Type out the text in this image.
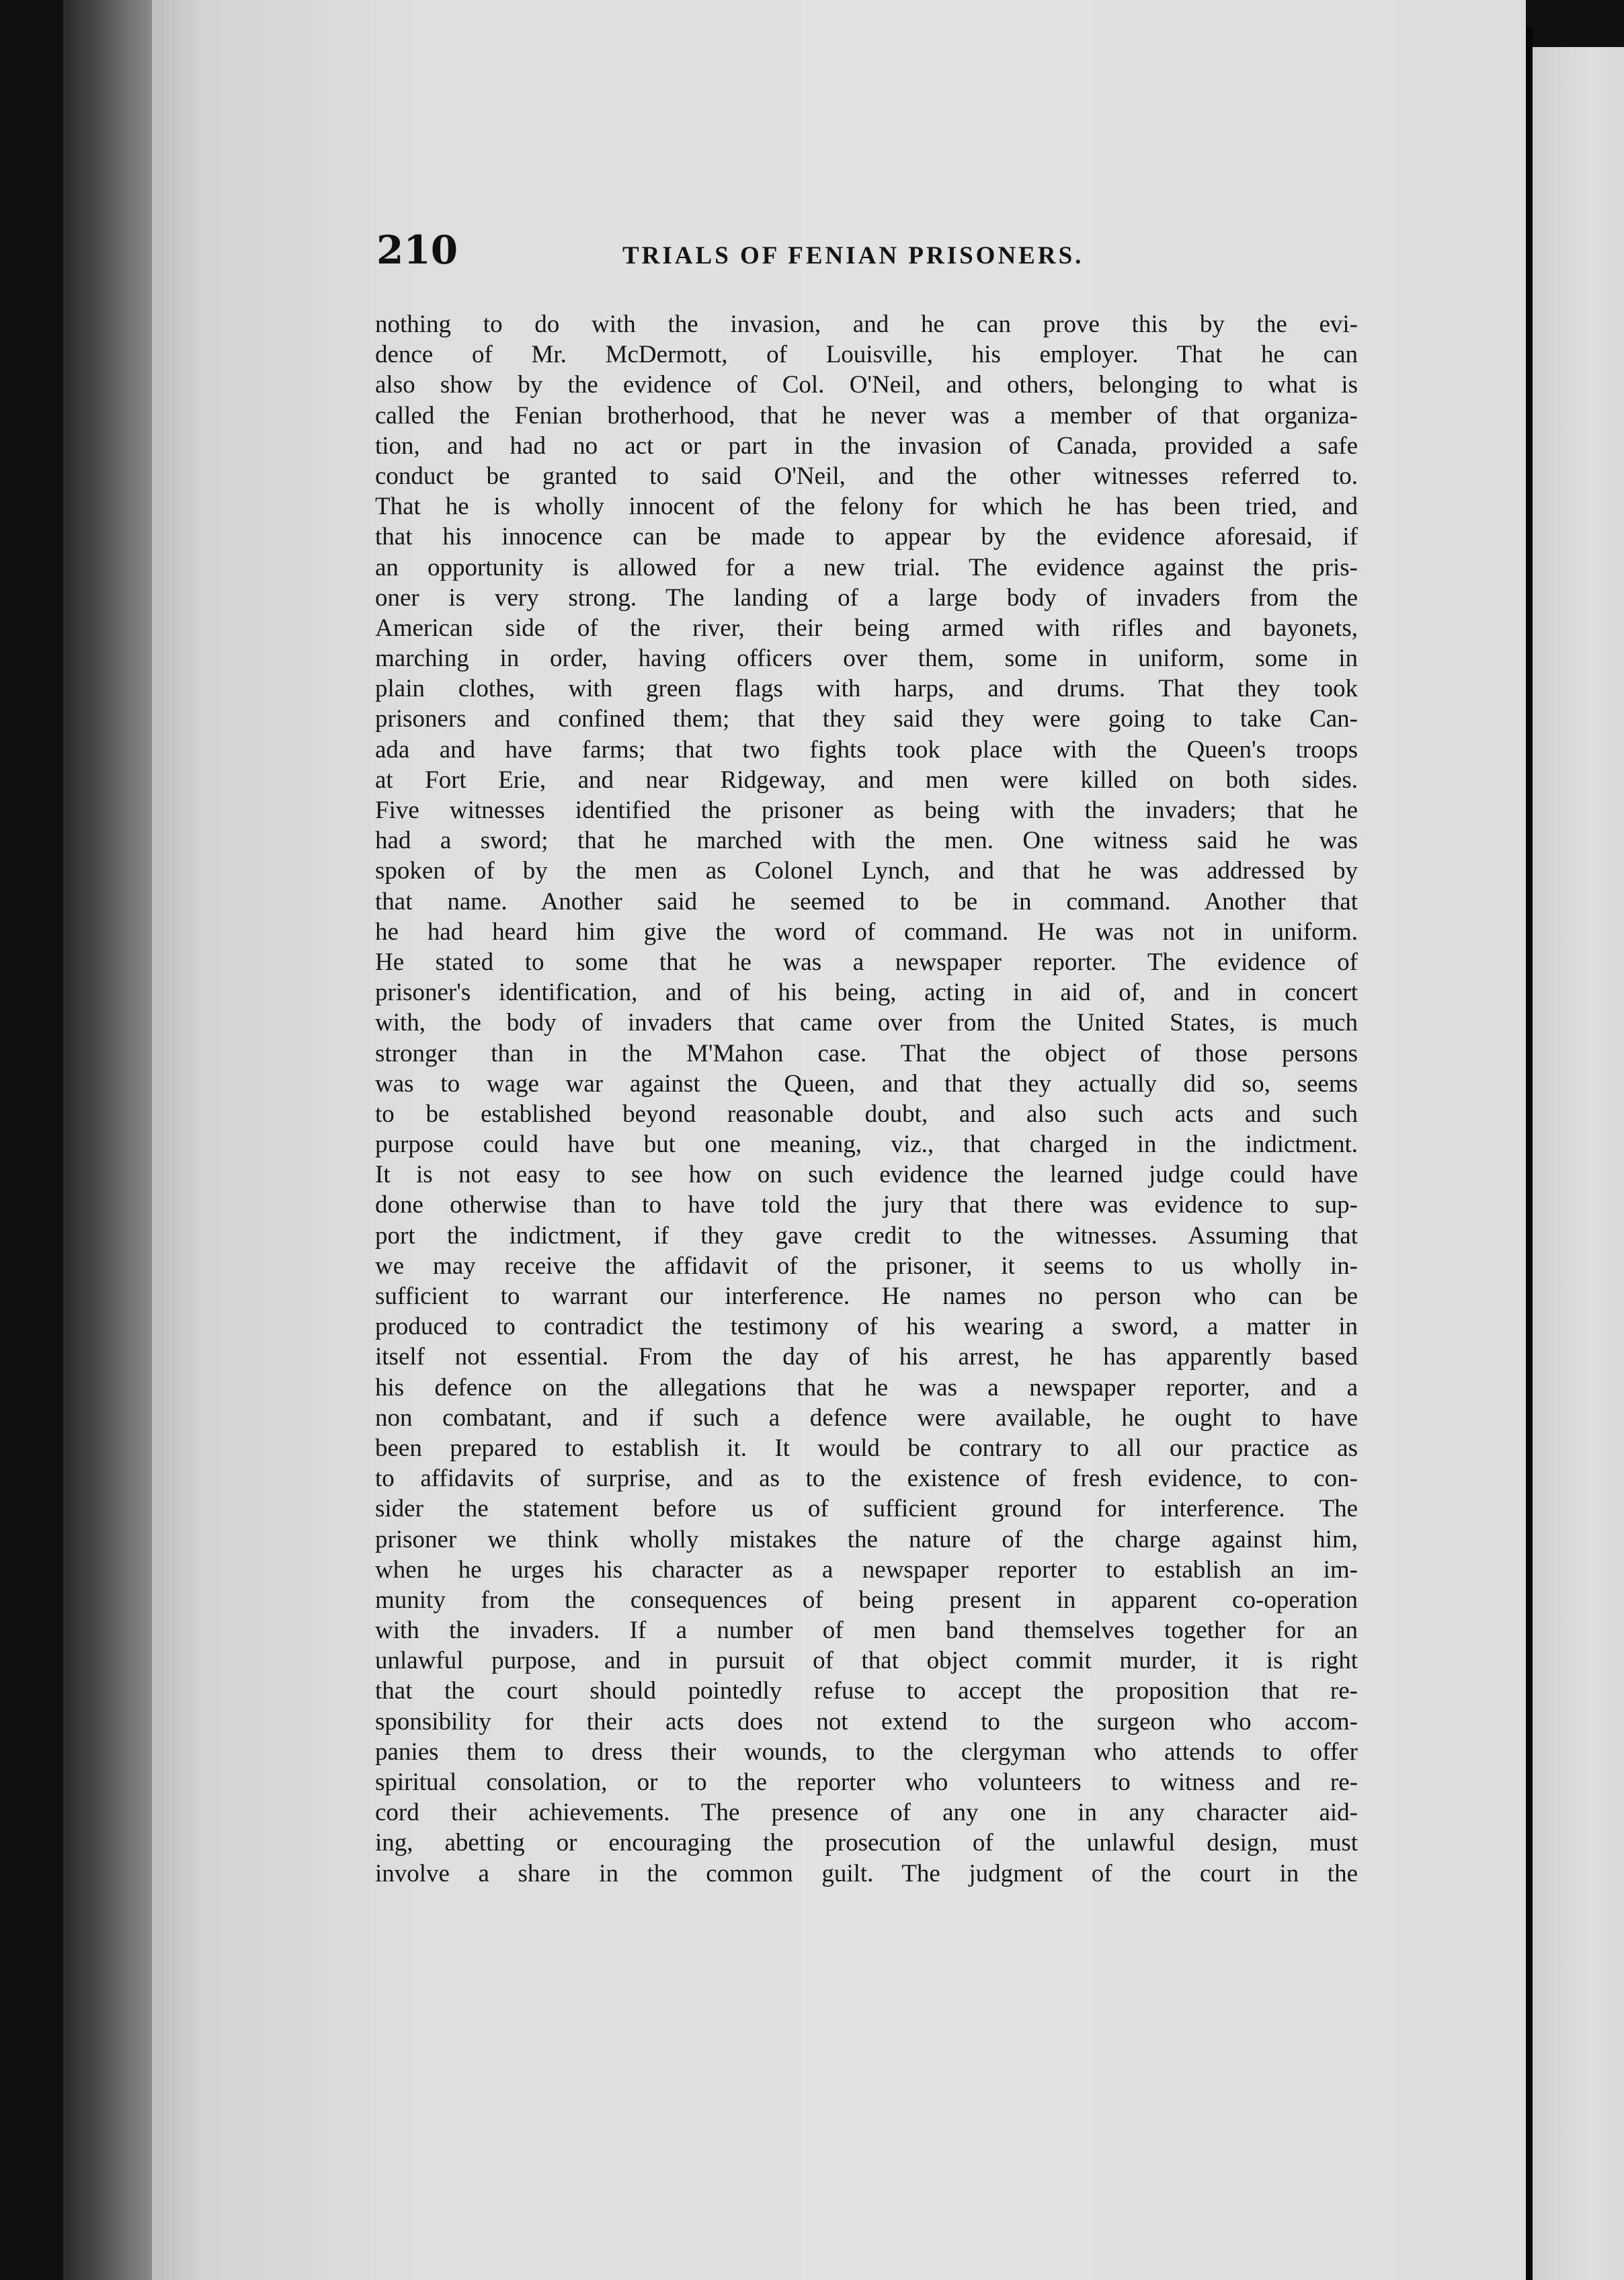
210	TRIALS OF FENIAN PRISONERS.
nothing to do with the invasion, and he can prove this by the evi-
dence of Mr. McDermott, of Louisville, his employer. That he can
also show by the evidence of Col. O'Neil, and others, belonging to what is
called the Fenian brotherhood, that he never was a member of that organiza-
tion, and had no act or part in the invasion of Canada, provided a safe
conduct be granted to said O'Neil, and the other witnesses referred to.
That he is wholly innocent of the felony for which he has been tried, and
that his innocence can be made to appear by the evidence aforesaid, if
an opportunity is allowed for a new trial. The evidence against the pris-
oner is very strong. The landing of a large body of invaders from the
American side of the river, their being armed with rifles and bayonets,
marching in order, having officers over them, some in uniform, some in
plain clothes, with green flags with harps, and drums. That they took
prisoners and confined them; that they said they were going to take Can-
ada and have farms; that two fights took place with the Queen's troops
at Fort Erie, and near Ridgeway, and men were killed on both sides.
Five witnesses identified the prisoner as being with the invaders; that he
had a sword; that he marched with the men. One witness said he was
spoken of by the men as Colonel Lynch, and that he was addressed by
that name. Another said he seemed to be in command. Another that
he had heard him give the word of command. He was not in uniform.
He stated to some that he was a newspaper reporter. The evidence of
prisoner's identification, and of his being, acting in aid of, and in concert
with, the body of invaders that came over from the United States, is much
stronger than in the M'Mahon case. That the object of those persons
was to wage war against the Queen, and that they actually did so, seems
to be established beyond reasonable doubt, and also such acts and such
purpose could have but one meaning, viz., that charged in the indictment.
It is not easy to see how on such evidence the learned judge could have
done otherwise than to have told the jury that there was evidence to sup-
port the indictment, if they gave credit to the witnesses. Assuming that
we may receive the affidavit of the prisoner, it seems to us wholly in-
sufficient to warrant our interference. He names no person who can be
produced to contradict the testimony of his wearing a sword, a matter in
itself not essential. From the day of his arrest, he has apparently based
his defence on the allegations that he was a newspaper reporter, and a
non combatant, and if such a defence were available, he ought to have
been prepared to establish it. It would be contrary to all our practice as
to affidavits of surprise, and as to the existence of fresh evidence, to con-
sider the statement before us of sufficient ground for interference. The
prisoner we think wholly mistakes the nature of the charge against him,
when he urges his character as a newspaper reporter to establish an im-
munity from the consequences of being present in apparent co-operation
with the invaders. If a number of men band themselves together for an
unlawful purpose, and in pursuit of that object commit murder, it is right
that the court should pointedly refuse to accept the proposition that re-
sponsibility for their acts does not extend to the surgeon who accom-
panies them to dress their wounds, to the clergyman who attends to offer
spiritual consolation, or to the reporter who volunteers to witness and re-
cord their achievements. The presence of any one in any character aid-
ing, abetting or encouraging the prosecution of the unlawful design, must
involve a share in the common guilt. The judgment of the court in the
